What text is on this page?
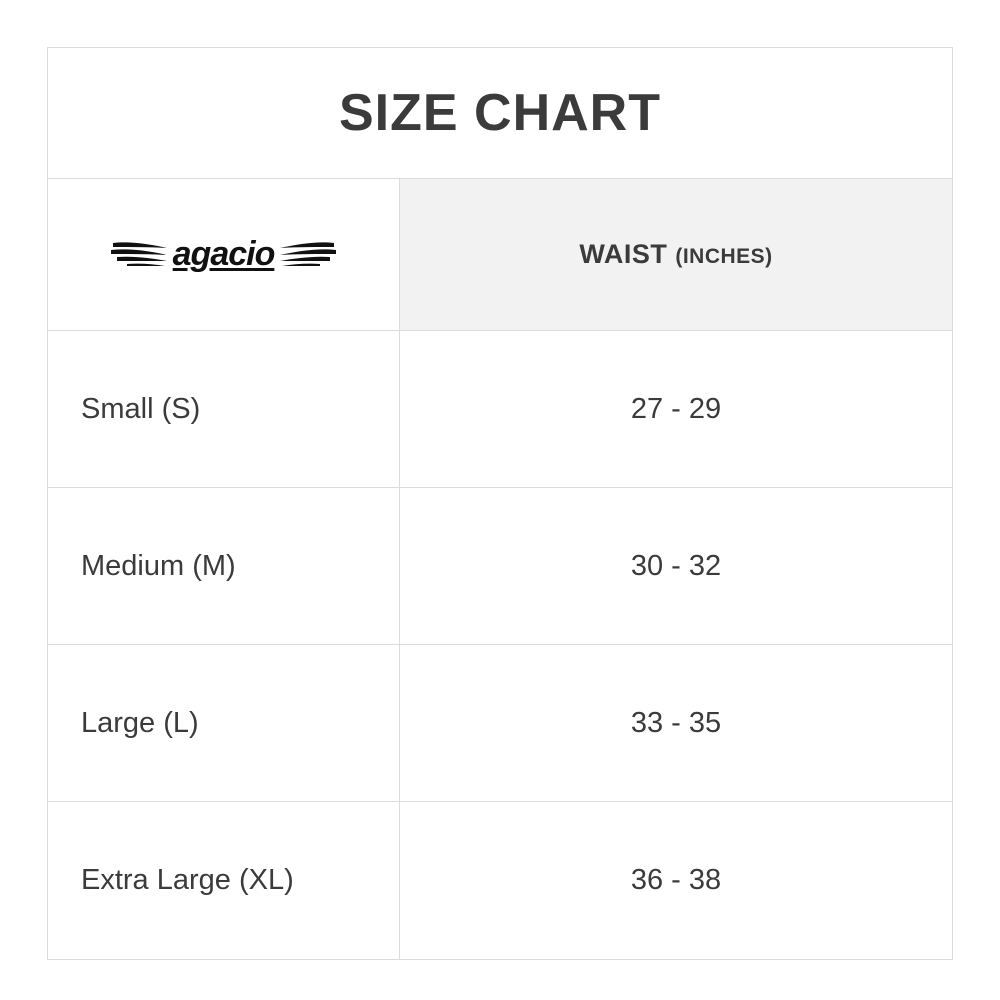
SIZE CHART
agacio	WAIST (INCHES)
Small (S)	27 - 29
Medium (M)	30 - 32
Large (L)	33 - 35
Extra Large (XL)	36 - 38
